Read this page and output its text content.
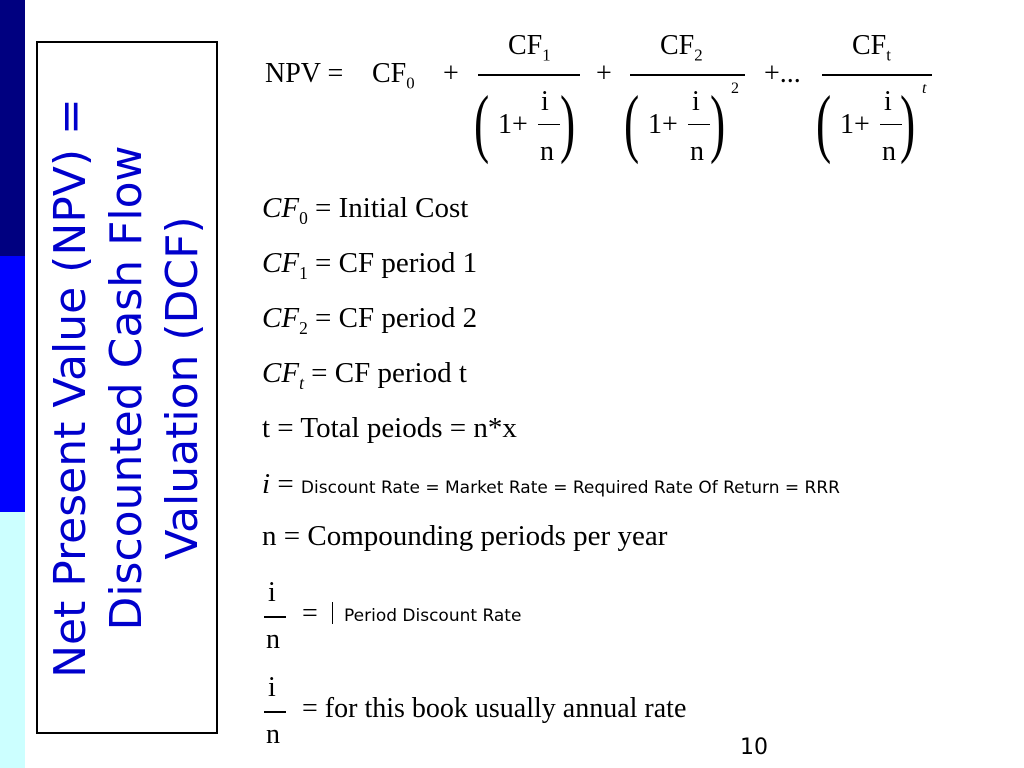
Net Present Value (NPV) = Discounted Cash Flow Valuation (DCF)
NPV = $CF_0$ +
$CF_1$
( 1+
i
n )
+
$CF_2$
( 1+
i
n ) 2 +...
$CF_t$
( 1+
i
n ) t
$CF_0$ = Initial Cost
$CF_1$ = CF period 1
$CF_2$ = CF period 2
$CF_t$ = CF period t
t = Total peiods = n*x
i = Discount Rate = Market Rate = Required Rate Of Return = RRR
n = Compounding periods per year
i
n
= Period Discount Rate
i
n
= for this book usually annual rate
10
